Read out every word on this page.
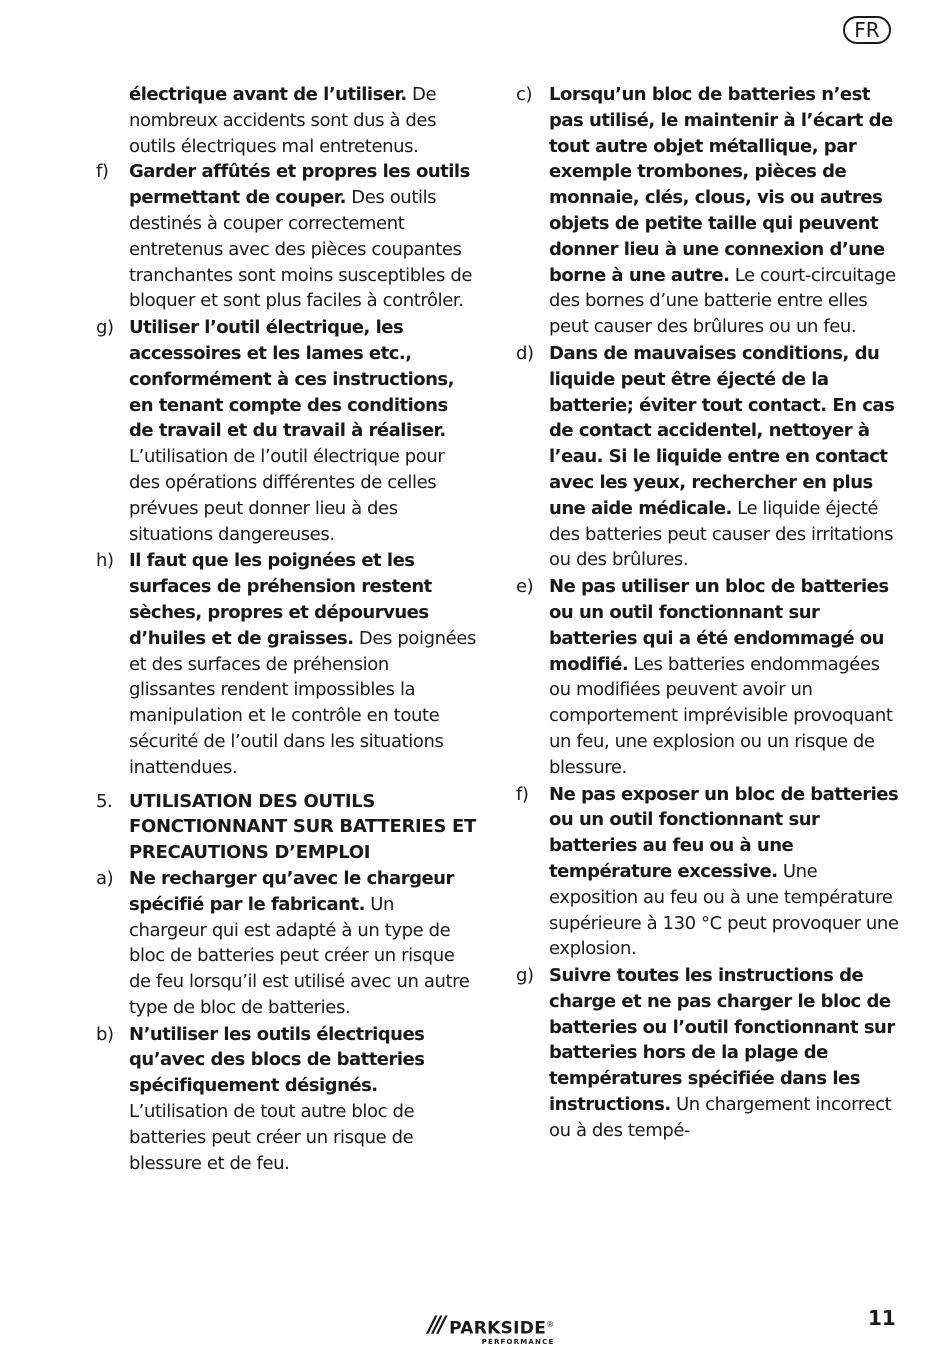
FR

électrique avant de l’utiliser. De nombreux accidents sont dus à des outils électriques mal entretenus.

f) Garder affûtés et propres les outils permettant de couper. Des outils destinés à couper correctement entretenus avec des pièces coupantes tranchantes sont moins susceptibles de bloquer et sont plus faciles à contrôler.

g) Utiliser l’outil électrique, les accessoires et les lames etc., conformément à ces instructions, en tenant compte des conditions de travail et du travail à réaliser. L’utilisation de l’outil électrique pour des opérations différentes de celles prévues peut donner lieu à des situations dangereuses.

h) Il faut que les poignées et les surfaces de préhension restent sèches, propres et dépourvues d’huiles et de graisses. Des poignées et des surfaces de préhension glissantes rendent impossibles la manipulation et le contrôle en toute sécurité de l’outil dans les situations inattendues.

5. UTILISATION DES OUTILS FONCTIONNANT SUR BATTERIES ET PRECAUTIONS D’EMPLOI

a) Ne recharger qu’avec le chargeur spécifié par le fabricant. Un chargeur qui est adapté à un type de bloc de batteries peut créer un risque de feu lorsqu’il est utilisé avec un autre type de bloc de batteries.

b) N’utiliser les outils électriques qu’avec des blocs de batteries spécifiquement désignés. L’utilisation de tout autre bloc de batteries peut créer un risque de blessure et de feu.

c) Lorsqu’un bloc de batteries n’est pas utilisé, le maintenir à l’écart de tout autre objet métallique, par exemple trombones, pièces de monnaie, clés, clous, vis ou autres objets de petite taille qui peuvent donner lieu à une connexion d’une borne à une autre. Le court-circuitage des bornes d’une batterie entre elles peut causer des brûlures ou un feu.

d) Dans de mauvaises conditions, du liquide peut être éjecté de la batterie; éviter tout contact. En cas de contact accidentel, nettoyer à l’eau. Si le liquide entre en contact avec les yeux, rechercher en plus une aide médicale. Le liquide éjecté des batteries peut causer des irritations ou des brûlures.

e) Ne pas utiliser un bloc de batteries ou un outil fonctionnant sur batteries qui a été endommagé ou modifié. Les batteries endommagées ou modifiées peuvent avoir un comportement imprévisible provoquant un feu, une explosion ou un risque de blessure.

f) Ne pas exposer un bloc de batteries ou un outil fonctionnant sur batteries au feu ou à une température excessive. Une exposition au feu ou à une température supérieure à 130 °C peut provoquer une explosion.

g) Suivre toutes les instructions de charge et ne pas charger le bloc de batteries ou l’outil fonctionnant sur batteries hors de la plage de températures spécifiée dans les instructions. Un chargement incorrect ou à des tempé-

/// PARKSIDE®
PERFORMANCE
11
